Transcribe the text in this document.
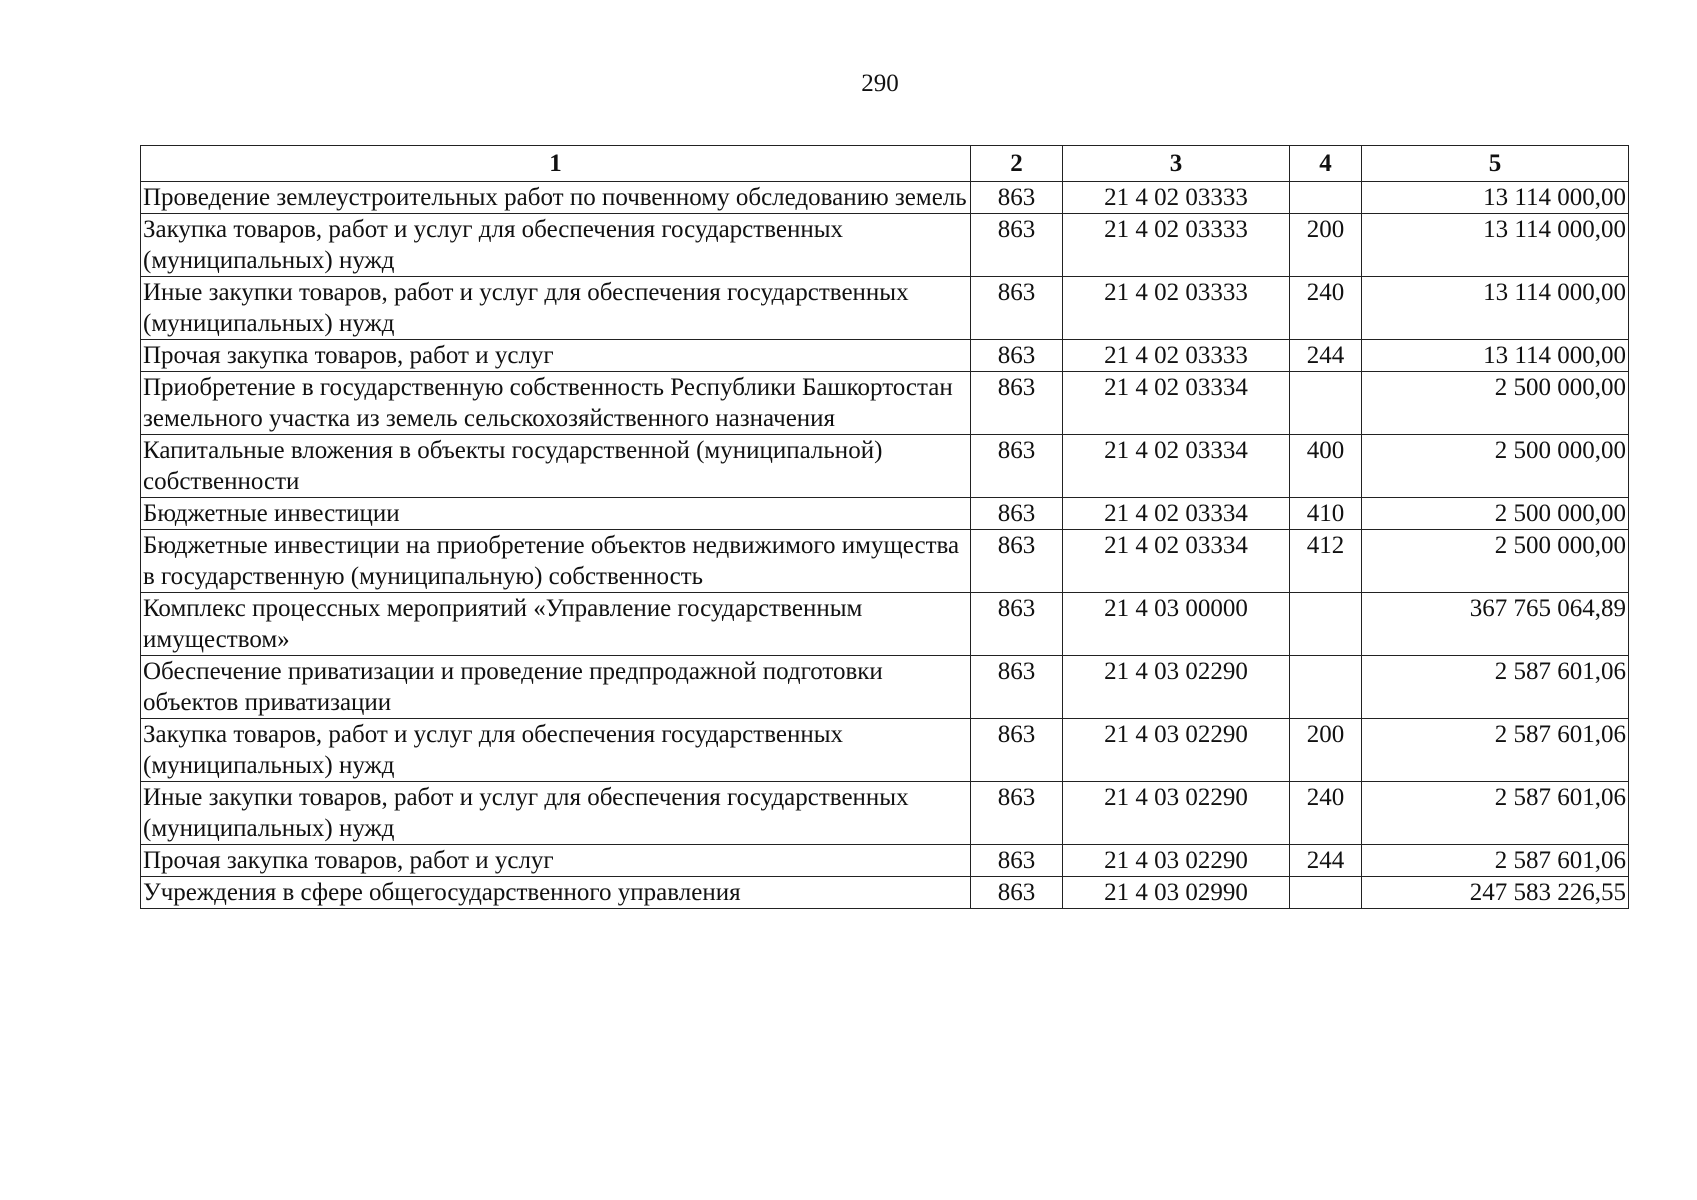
290
1	2	3	4	5
Проведение землеустроительных работ по почвенному обследованию земель	863	21 4 02 03333		13 114 000,00
Закупка товаров, работ и услуг для обеспечения государственных (муниципальных) нужд	863	21 4 02 03333	200	13 114 000,00
Иные закупки товаров, работ и услуг для обеспечения государственных (муниципальных) нужд	863	21 4 02 03333	240	13 114 000,00
Прочая закупка товаров, работ и услуг	863	21 4 02 03333	244	13 114 000,00
Приобретение в государственную собственность Республики Башкортостан земельного участка из земель сельскохозяйственного назначения	863	21 4 02 03334		2 500 000,00
Капитальные вложения в объекты государственной (муниципальной) собственности	863	21 4 02 03334	400	2 500 000,00
Бюджетные инвестиции	863	21 4 02 03334	410	2 500 000,00
Бюджетные инвестиции на приобретение объектов недвижимого имущества в государственную (муниципальную) собственность	863	21 4 02 03334	412	2 500 000,00
Комплекс процессных мероприятий «Управление государственным имуществом»	863	21 4 03 00000		367 765 064,89
Обеспечение приватизации и проведение предпродажной подготовки объектов приватизации	863	21 4 03 02290		2 587 601,06
Закупка товаров, работ и услуг для обеспечения государственных (муниципальных) нужд	863	21 4 03 02290	200	2 587 601,06
Иные закупки товаров, работ и услуг для обеспечения государственных (муниципальных) нужд	863	21 4 03 02290	240	2 587 601,06
Прочая закупка товаров, работ и услуг	863	21 4 03 02290	244	2 587 601,06
Учреждения в сфере общегосударственного управления	863	21 4 03 02990		247 583 226,55
